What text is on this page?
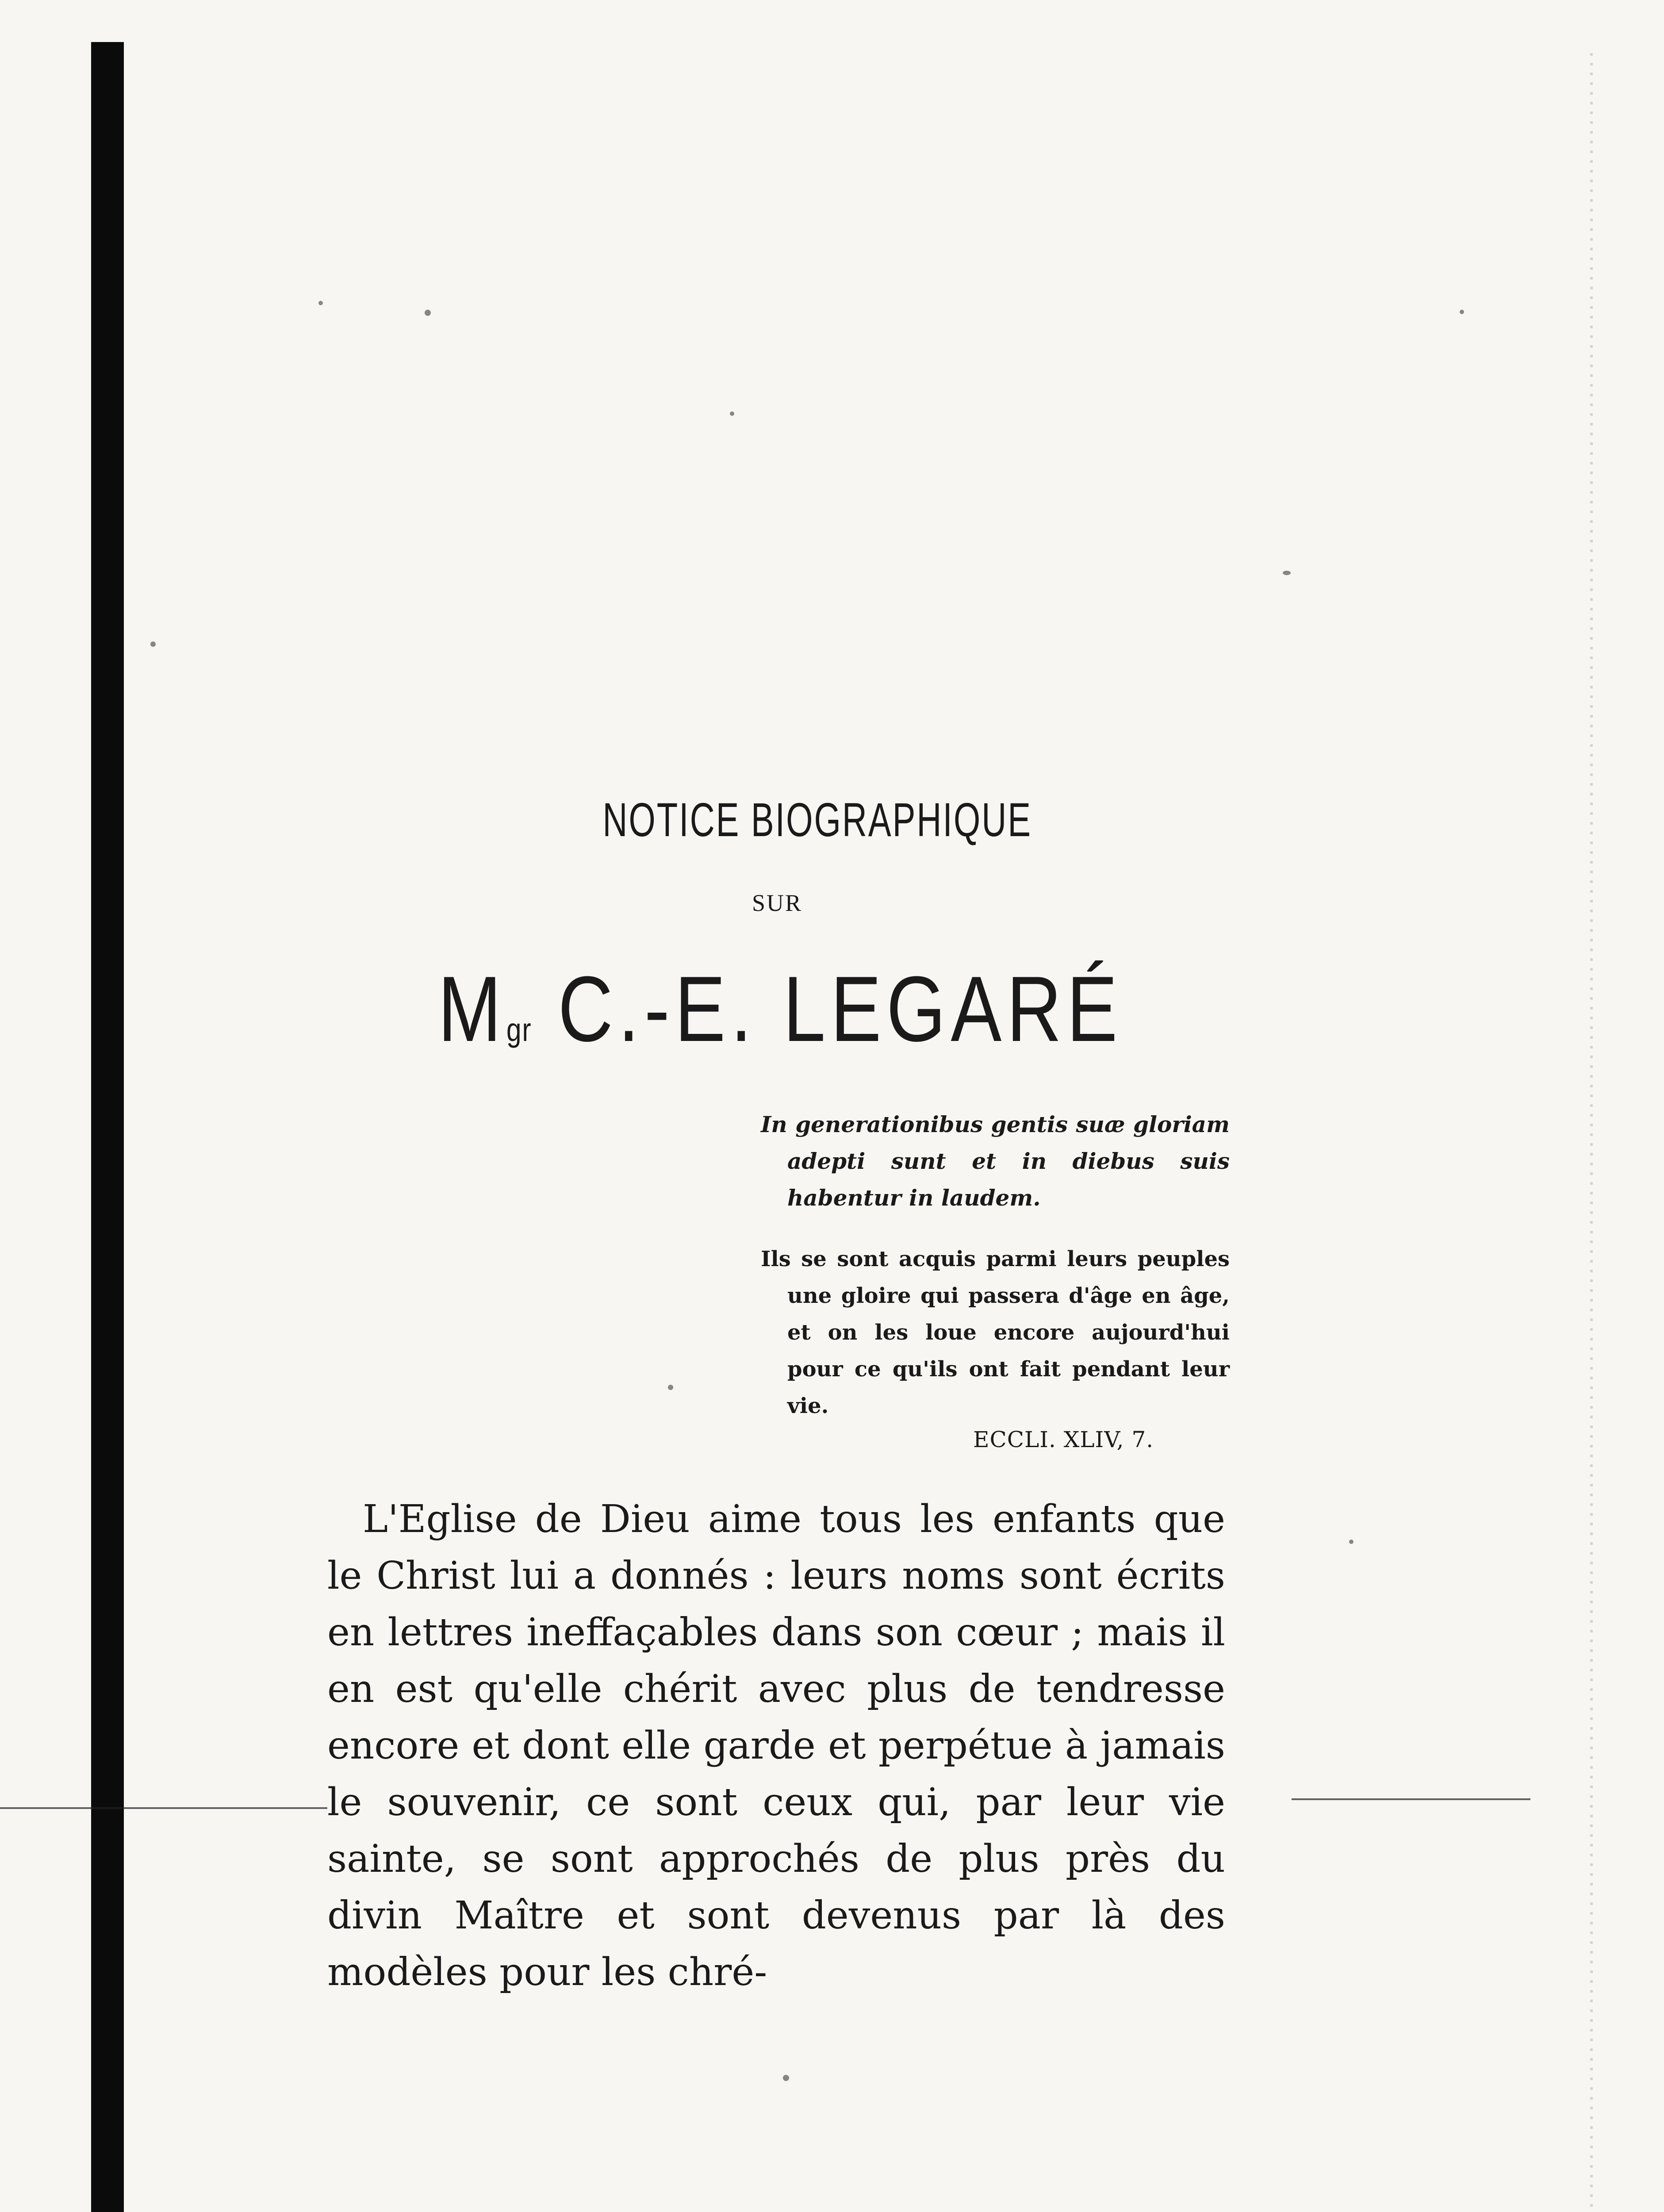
NOTICE BIOGRAPHIQUE
SUR
Mgr C.-E. LEGARÉ

In generationibus gentis suæ gloriam adepti sunt et in diebus suis habentur in laudem.

Ils se sont acquis parmi leurs peuples une gloire qui passera d'âge en âge, et on les loue encore aujourd'hui pour ce qu'ils ont fait pendant leur vie.

ECCLI. XLIV, 7.

L'Eglise de Dieu aime tous les enfants que le Christ lui a donnés : leurs noms sont écrits en lettres ineffaçables dans son cœur ; mais il en est qu'elle chérit avec plus de tendresse encore et dont elle garde et perpétue à jamais le souvenir, ce sont ceux qui, par leur vie sainte, se sont approchés de plus près du divin Maître et sont devenus par là des modèles pour les chré-
